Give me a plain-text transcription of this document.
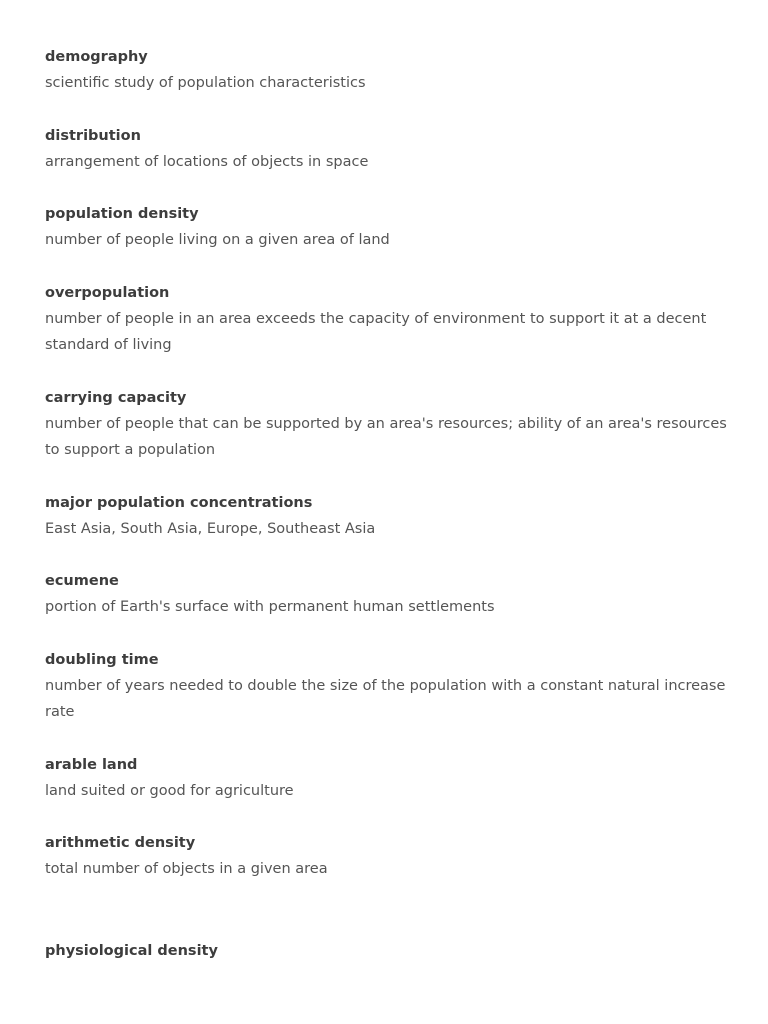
demography

scientific study of population characteristics

distribution

arrangement of locations of objects in space

population density

number of people living on a given area of land

overpopulation

number of people in an area exceeds the capacity of environment to support it at a decent standard of living

carrying capacity

number of people that can be supported by an area's resources; ability of an area's resources to support a population

major population concentrations

East Asia, South Asia, Europe, Southeast Asia

ecumene

portion of Earth's surface with permanent human settlements

doubling time

number of years needed to double the size of the population with a constant natural increase rate

arable land

land suited or good for agriculture

arithmetic density

total number of objects in a given area

physiological density
